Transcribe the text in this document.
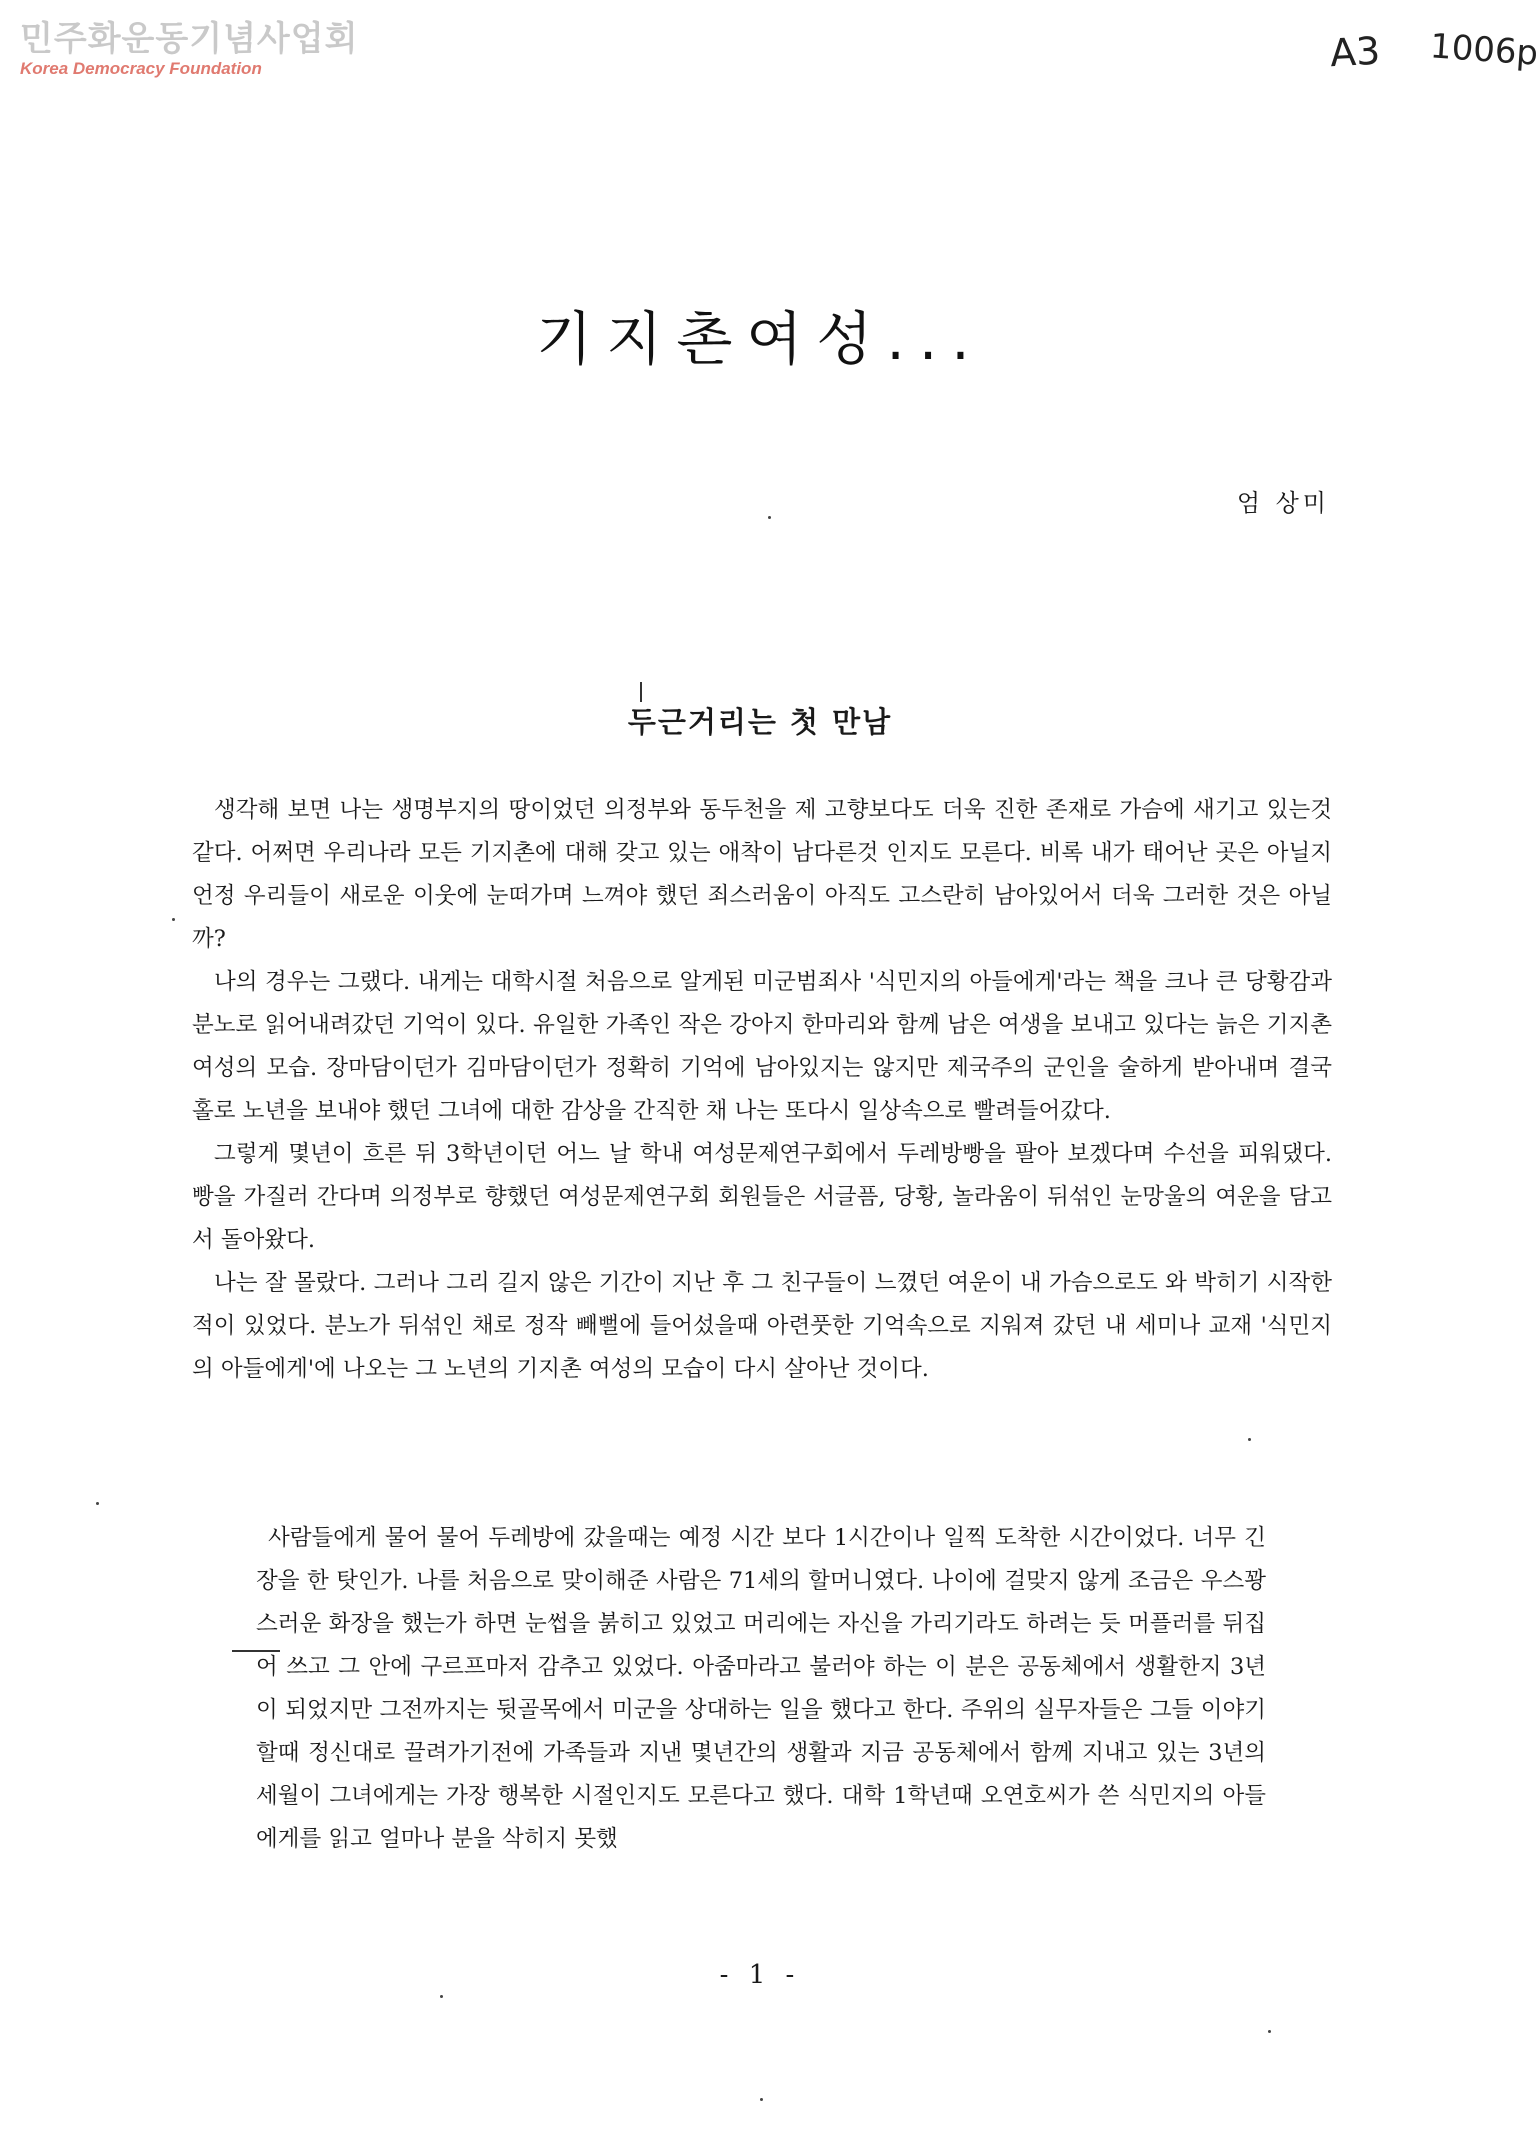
민주화운동기념사업회
Korea Democracy Foundation	A3 1006p
기지촌여성...
엄 상미
두근거리는 첫 만남

생각해 보면 나는 생명부지의 땅이었던 의정부와 동두천을 제 고향보다도 더욱 진한 존재로 가슴에 새기고 있는것 같다. 어쩌면 우리나라 모든 기지촌에 대해 갖고 있는 애착이 남다른것 인지도 모른다. 비록 내가 태어난 곳은 아닐지언정 우리들이 새로운 이웃에 눈떠가며 느껴야 했던 죄스러움이 아직도 고스란히 남아있어서 더욱 그러한 것은 아닐까?

나의 경우는 그랬다. 내게는 대학시절 처음으로 알게된 미군범죄사 '식민지의 아들에게'라는 책을 크나 큰 당황감과 분노로 읽어내려갔던 기억이 있다. 유일한 가족인 작은 강아지 한마리와 함께 남은 여생을 보내고 있다는 늙은 기지촌 여성의 모습. 장마담이던가 김마담이던가 정확히 기억에 남아있지는 않지만 제국주의 군인을 술하게 받아내며 결국 홀로 노년을 보내야 했던 그녀에 대한 감상을 간직한 채 나는 또다시 일상속으로 빨려들어갔다.

그렇게 몇년이 흐른 뒤 3학년이던 어느 날 학내 여성문제연구회에서 두레방빵을 팔아 보겠다며 수선을 피워댔다. 빵을 가질러 간다며 의정부로 향했던 여성문제연구회 회원들은 서글픔, 당황, 놀라움이 뒤섞인 눈망울의 여운을 담고서 돌아왔다.

나는 잘 몰랐다. 그러나 그리 길지 않은 기간이 지난 후 그 친구들이 느꼈던 여운이 내 가슴으로도 와 박히기 시작한 적이 있었다. 분노가 뒤섞인 채로 정작 빼뻘에 들어섰을때 아련풋한 기억속으로 지워져 갔던 내 세미나 교재 '식민지의 아들에게'에 나오는 그 노년의 기지촌 여성의 모습이 다시 살아난 것이다.

사람들에게 물어 물어 두레방에 갔을때는 예정 시간 보다 1시간이나 일찍 도착한 시간이었다. 너무 긴장을 한 탓인가. 나를 처음으로 맞이해준 사람은 71세의 할머니였다. 나이에 걸맞지 않게 조금은 우스꽝 스러운 화장을 했는가 하면 눈썹을 붉히고 있었고 머리에는 자신을 가리기라도 하려는 듯 머플러를 뒤집어 쓰고 그 안에 구르프마저 감추고 있었다. 아줌마라고 불러야 하는 이 분은 공동체에서 생활한지 3년이 되었지만 그전까지는 뒷골목에서 미군을 상대하는 일을 했다고 한다. 주위의 실무자들은 그들 이야기 할때 정신대로 끌려가기전에 가족들과 지낸 몇년간의 생활과 지금 공동체에서 함께 지내고 있는 3년의 세월이 그녀에게는 가장 행복한 시절인지도 모른다고 했다. 대학 1학년때 오연호씨가 쓴 식민지의 아들에게를 읽고 얼마나 분을 삭히지 못했

- 1 -
